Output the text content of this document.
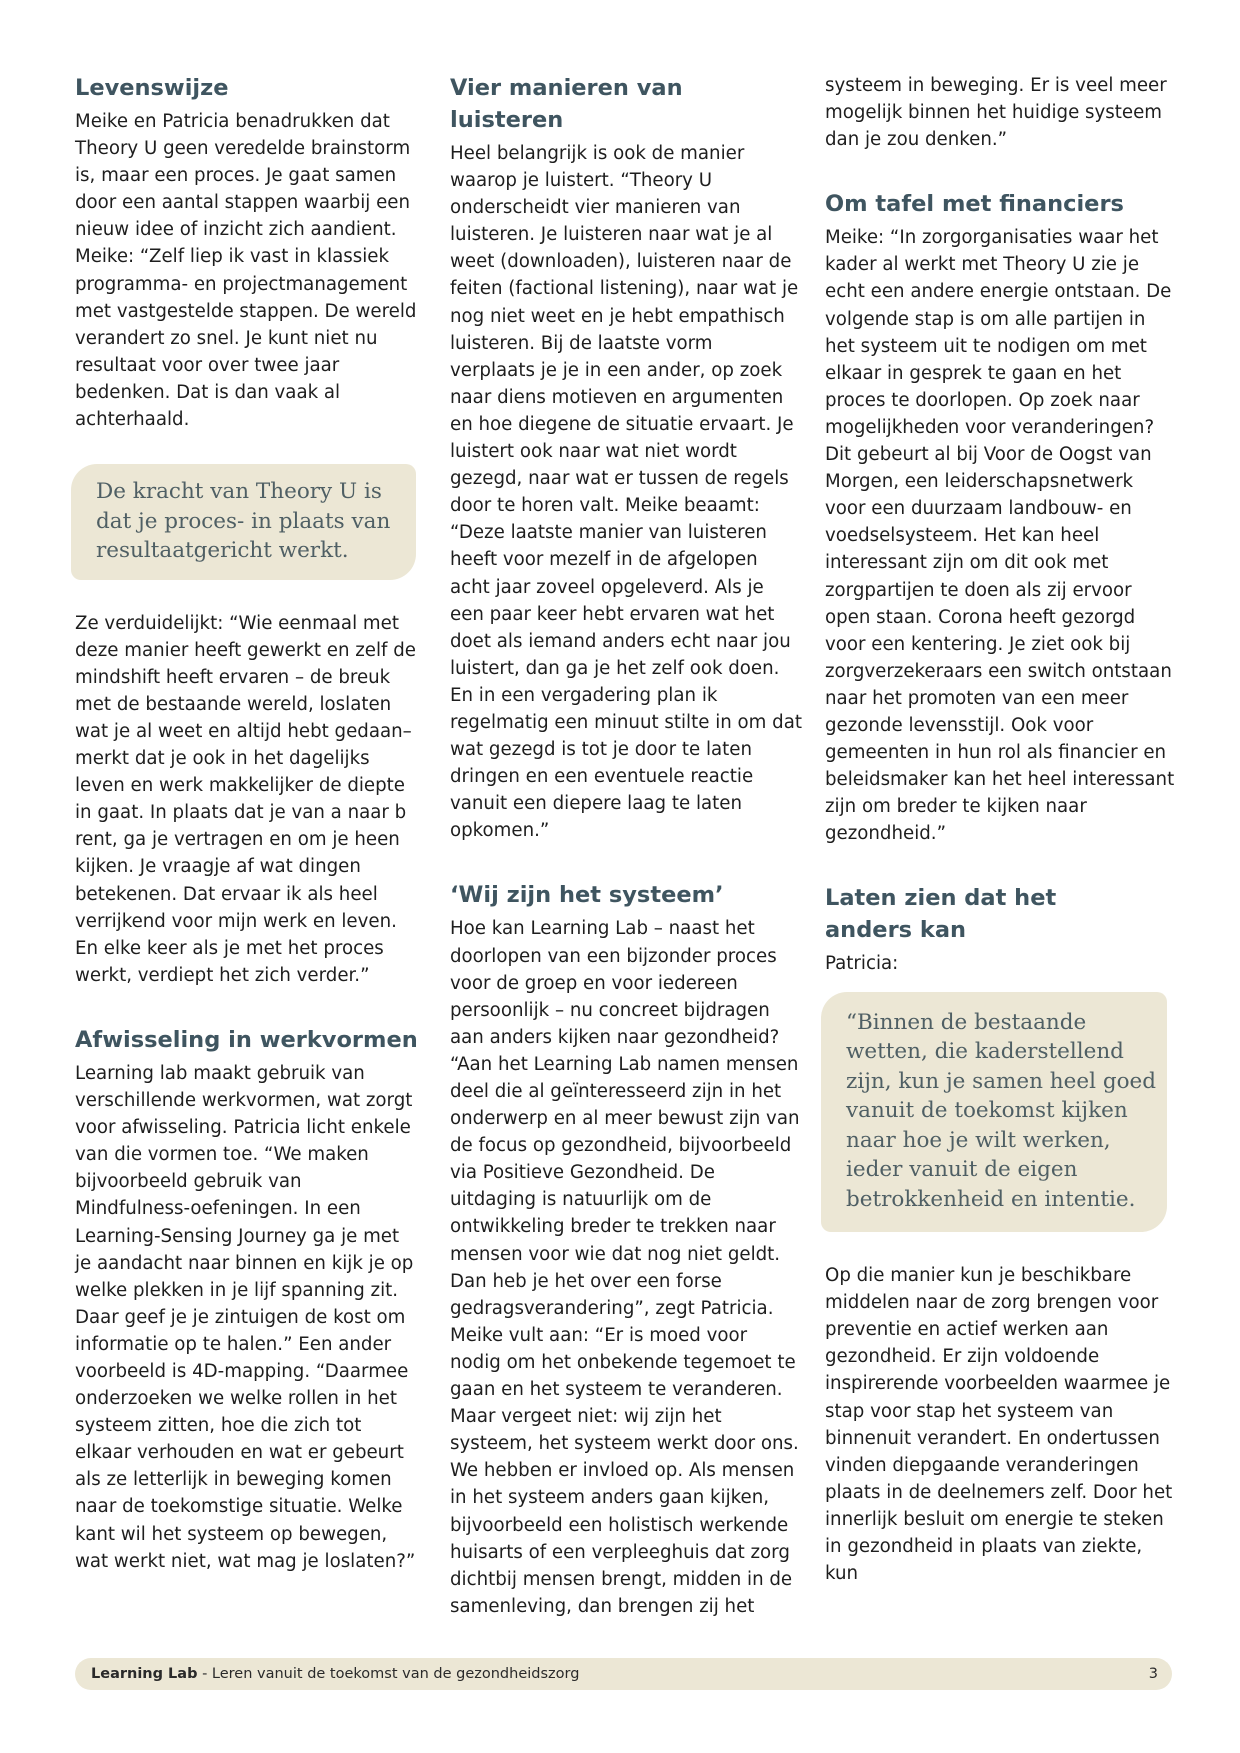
Levenswijze

Meike en Patricia benadrukken dat Theory U geen veredelde brainstorm is, maar een proces. Je gaat samen door een aantal stappen waarbij een nieuw idee of inzicht zich aandient. Meike: “Zelf liep ik vast in klassiek programma- en projectmanagement met vastgestelde stappen. De wereld verandert zo snel. Je kunt niet nu resultaat voor over twee jaar bedenken. Dat is dan vaak al achterhaald.

De kracht van Theory U is dat je proces- in plaats van resultaatgericht werkt.

Ze verduidelijkt: “Wie eenmaal met deze manier heeft gewerkt en zelf de mindshift heeft ervaren – de breuk met de bestaande wereld, loslaten wat je al weet en altijd hebt gedaan– merkt dat je ook in het dagelijks leven en werk makkelijker de diepte in gaat. In plaats dat je van a naar b rent, ga je vertragen en om je heen kijken. Je vraagje af wat dingen betekenen. Dat ervaar ik als heel verrijkend voor mijn werk en leven. En elke keer als je met het proces werkt, verdiept het zich verder.”

Afwisseling in werkvormen

Learning lab maakt gebruik van verschillende werkvormen, wat zorgt voor afwisseling. Patricia licht enkele van die vormen toe. “We maken bijvoorbeeld gebruik van Mindfulness-oefeningen. In een Learning-Sensing Journey ga je met je aandacht naar binnen en kijk je op welke plekken in je lijf spanning zit. Daar geef je je zintuigen de kost om informatie op te halen.” Een ander voorbeeld is 4D-mapping. “Daarmee onderzoeken we welke rollen in het systeem zitten, hoe die zich tot elkaar verhouden en wat er gebeurt als ze letterlijk in beweging komen naar de toekomstige situatie. Welke kant wil het systeem op bewegen, wat werkt niet, wat mag je loslaten?”

Vier manieren van luisteren

Heel belangrijk is ook de manier waarop je luistert. “Theory U onderscheidt vier manieren van luisteren. Je luisteren naar wat je al weet (downloaden), luisteren naar de feiten (factional listening), naar wat je nog niet weet en je hebt empathisch luisteren. Bij de laatste vorm verplaats je je in een ander, op zoek naar diens motieven en argumenten en hoe diegene de situatie ervaart. Je luistert ook naar wat niet wordt gezegd, naar wat er tussen de regels door te horen valt. Meike beaamt: “Deze laatste manier van luisteren heeft voor mezelf in de afgelopen acht jaar zoveel opgeleverd. Als je een paar keer hebt ervaren wat het doet als iemand anders echt naar jou luistert, dan ga je het zelf ook doen. En in een vergadering plan ik regelmatig een minuut stilte in om dat wat gezegd is tot je door te laten dringen en een eventuele reactie vanuit een diepere laag te laten opkomen.”

‘Wij zijn het systeem’

Hoe kan Learning Lab – naast het doorlopen van een bijzonder proces voor de groep en voor iedereen persoonlijk – nu concreet bijdragen aan anders kijken naar gezondheid? “Aan het Learning Lab namen mensen deel die al geïnteresseerd zijn in het onderwerp en al meer bewust zijn van de focus op gezondheid, bijvoorbeeld via Positieve Gezondheid. De uitdaging is natuurlijk om de ontwikkeling breder te trekken naar mensen voor wie dat nog niet geldt. Dan heb je het over een forse gedragsverandering”, zegt Patricia. Meike vult aan: “Er is moed voor nodig om het onbekende tegemoet te gaan en het systeem te veranderen. Maar vergeet niet: wij zijn het systeem, het systeem werkt door ons. We hebben er invloed op. Als mensen in het systeem anders gaan kijken, bijvoorbeeld een holistisch werkende huisarts of een verpleeghuis dat zorg dichtbij mensen brengt, midden in de samenleving, dan brengen zij het

systeem in beweging. Er is veel meer mogelijk binnen het huidige systeem dan je zou denken.”

Om tafel met financiers

Meike: “In zorgorganisaties waar het kader al werkt met Theory U zie je echt een andere energie ontstaan. De volgende stap is om alle partijen in het systeem uit te nodigen om met elkaar in gesprek te gaan en het proces te doorlopen. Op zoek naar mogelijkheden voor veranderingen? Dit gebeurt al bij Voor de Oogst van Morgen, een leiderschapsnetwerk voor een duurzaam landbouw- en voedselsysteem. Het kan heel interessant zijn om dit ook met zorgpartijen te doen als zij ervoor open staan. Corona heeft gezorgd voor een kentering. Je ziet ook bij zorgverzekeraars een switch ontstaan naar het promoten van een meer gezonde levensstijl. Ook voor gemeenten in hun rol als financier en beleidsmaker kan het heel interessant zijn om breder te kijken naar gezondheid.”

Laten zien dat het anders kan

Patricia:

“Binnen de bestaande wetten, die kaderstellend zijn, kun je samen heel goed vanuit de toekomst kijken naar hoe je wilt werken, ieder vanuit de eigen betrokkenheid en intentie.

Op die manier kun je beschikbare middelen naar de zorg brengen voor preventie en actief werken aan gezondheid. Er zijn voldoende inspirerende voorbeelden waarmee je stap voor stap het systeem van binnenuit verandert. En ondertussen vinden diepgaande veranderingen plaats in de deelnemers zelf. Door het innerlijk besluit om energie te steken in gezondheid in plaats van ziekte, kun

Learning Lab - Leren vanuit de toekomst van de gezondheidszorg	3
